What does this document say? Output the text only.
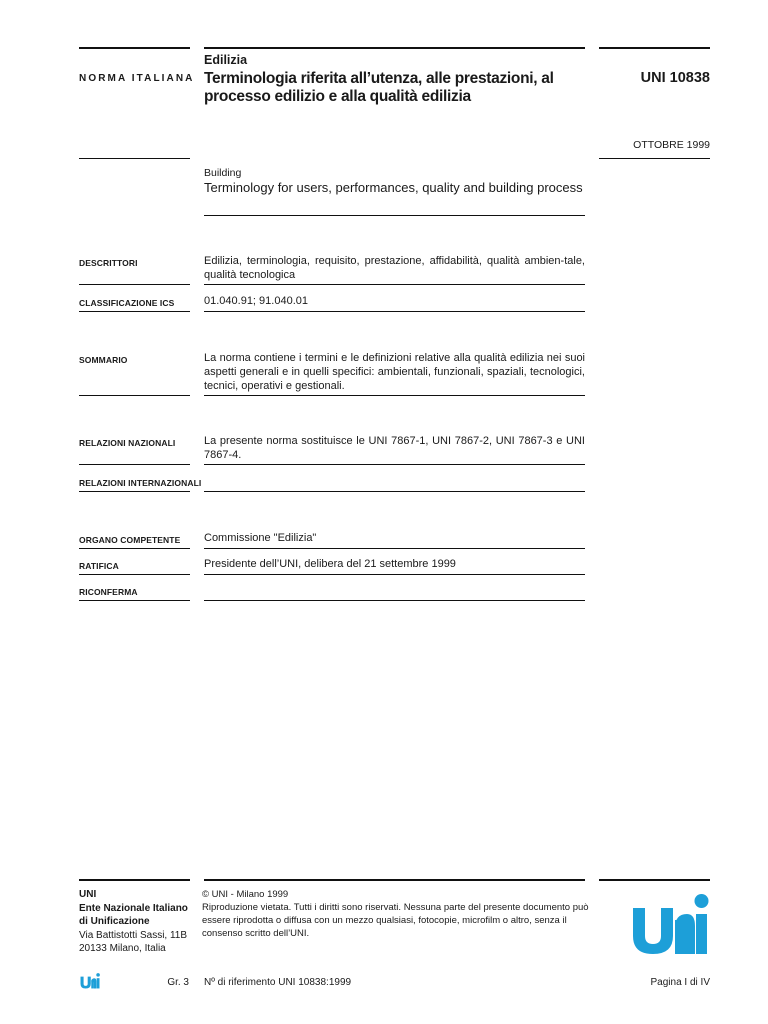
NORMA ITALIANA
Edilizia
Terminologia riferita all’utenza, alle prestazioni, al processo edilizio e alla qualità edilizia
UNI 10838
OTTOBRE 1999
Building
Terminology for users, performances, quality and building process
DESCRITTORI	Edilizia, terminologia, requisito, prestazione, affidabilità, qualità ambien-tale, qualità tecnologica
CLASSIFICAZIONE ICS	01.040.91; 91.040.01
SOMMARIO	La norma contiene i termini e le definizioni relative alla qualità edilizia nei suoi aspetti generali e in quelli specifici: ambientali, funzionali, spaziali, tecnologici, tecnici, operativi e gestionali.
RELAZIONI NAZIONALI	La presente norma sostituisce le UNI 7867-1, UNI 7867-2, UNI 7867-3 e UNI 7867-4.
RELAZIONI INTERNAZIONALI
ORGANO COMPETENTE Commissione "Edilizia"
RATIFICA	Presidente dell’UNI, delibera del 21 settembre 1999
RICONFERMA
UNI
Ente Nazionale Italiano
di Unificazione
Via Battistotti Sassi, 11B
20133 Milano, Italia
© UNI - Milano 1999
Riproduzione vietata. Tutti i diritti sono riservati. Nessuna parte del presente documento può essere riprodotta o diffusa con un mezzo qualsiasi, fotocopie, microfilm o altro, senza il consenso scritto dell’UNI.
Gr. 3 Nº di riferimento UNI 10838:1999	Pagina I di IV
